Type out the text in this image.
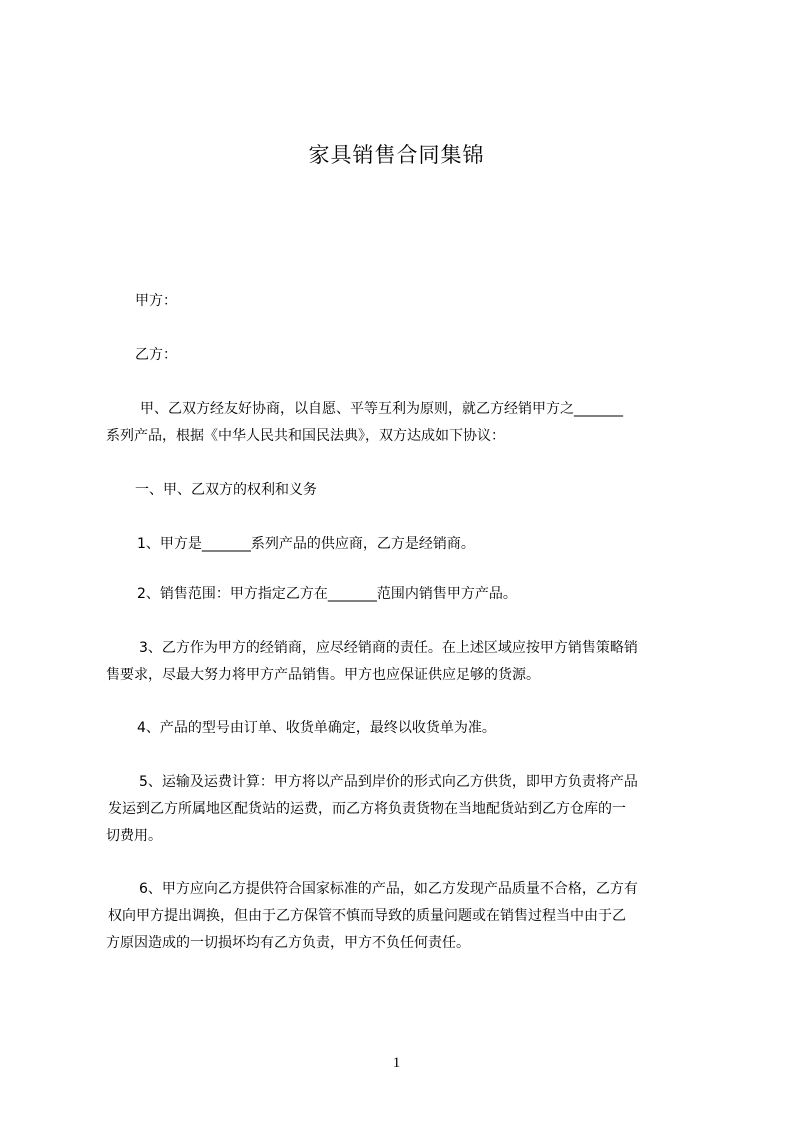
家具销售合同集锦
甲方：
乙方：
甲、乙双方经友好协商，以自愿、平等互利为原则，就乙方经销甲方之_______
系列产品，根据《中华人民共和国民法典》，双方达成如下协议：
一、甲、乙双方的权利和义务
1、甲方是_______系列产品的供应商，乙方是经销商。
2、销售范围：甲方指定乙方在_______范围内销售甲方产品。
3、乙方作为甲方的经销商，应尽经销商的责任。在上述区域应按甲方销售策略销
售要求，尽最大努力将甲方产品销售。甲方也应保证供应足够的货源。
4、产品的型号由订单、收货单确定，最终以收货单为准。
5、运输及运费计算：甲方将以产品到岸价的形式向乙方供货，即甲方负责将产品
发运到乙方所属地区配货站的运费，而乙方将负责货物在当地配货站到乙方仓库的一
切费用。
6、甲方应向乙方提供符合国家标准的产品，如乙方发现产品质量不合格，乙方有
权向甲方提出调换，但由于乙方保管不慎而导致的质量问题或在销售过程当中由于乙
方原因造成的一切损坏均有乙方负责，甲方不负任何责任。
1
